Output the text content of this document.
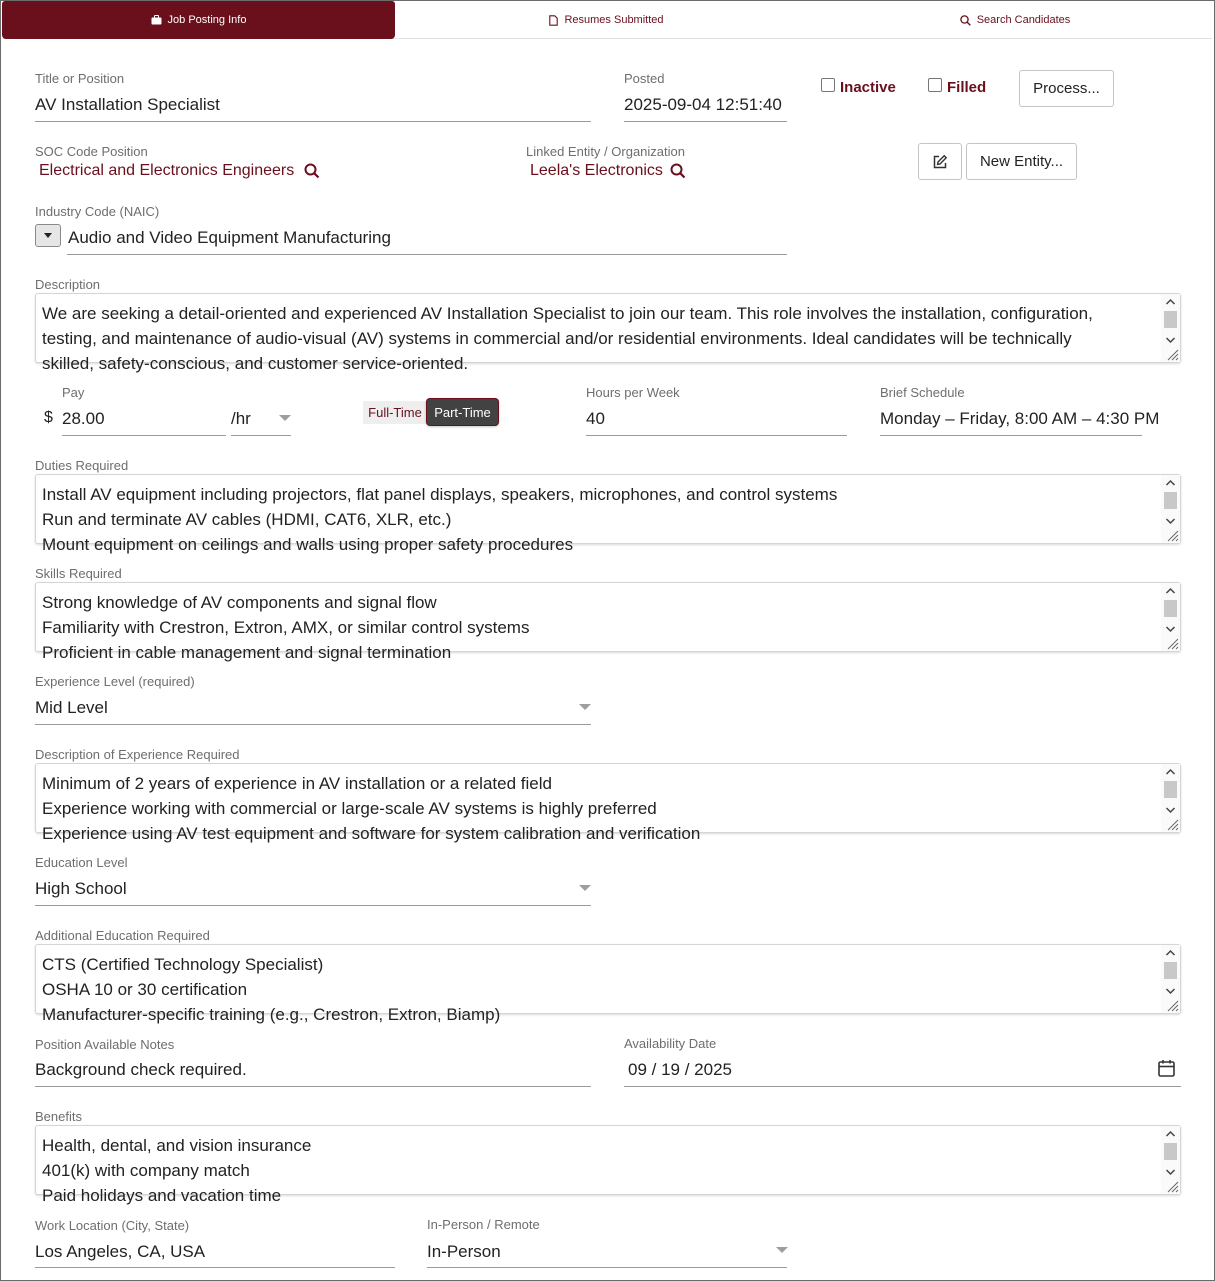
Job Posting Info	Resumes Submitted	Search Candidates
Title or Position
AV Installation Specialist
Posted
2025-09-04 12:51:40
Inactive	Filled	Process...
SOC Code Position
Electrical and Electronics Engineers
Linked Entity / Organization
Leela's Electronics
New Entity...
Industry Code (NAIC)
Audio and Video Equipment Manufacturing
Description
We are seeking a detail-oriented and experienced AV Installation Specialist to join our team. This role involves the installation, configuration,
testing, and maintenance of audio-visual (AV) systems in commercial and/or residential environments. Ideal candidates will be technically
skilled, safety-conscious, and customer service-oriented.
Pay
$ 28.00	/hr	Full-Time Part-Time
Hours per Week
40
Brief Schedule
Monday – Friday, 8:00 AM – 4:30 PM
Duties Required
Install AV equipment including projectors, flat panel displays, speakers, microphones, and control systems
Run and terminate AV cables (HDMI, CAT6, XLR, etc.)
Mount equipment on ceilings and walls using proper safety procedures
Skills Required
Strong knowledge of AV components and signal flow
Familiarity with Crestron, Extron, AMX, or similar control systems
Proficient in cable management and signal termination
Experience Level (required)
Mid Level
Description of Experience Required
Minimum of 2 years of experience in AV installation or a related field
Experience working with commercial or large-scale AV systems is highly preferred
Experience using AV test equipment and software for system calibration and verification
Education Level
High School
Additional Education Required
CTS (Certified Technology Specialist)
OSHA 10 or 30 certification
Manufacturer-specific training (e.g., Crestron, Extron, Biamp)
Position Available Notes
Background check required.
Availability Date
09 / 19 / 2025
Benefits
Health, dental, and vision insurance
401(k) with company match
Paid holidays and vacation time
Work Location (City, State)
Los Angeles, CA, USA
In-Person / Remote
In-Person
